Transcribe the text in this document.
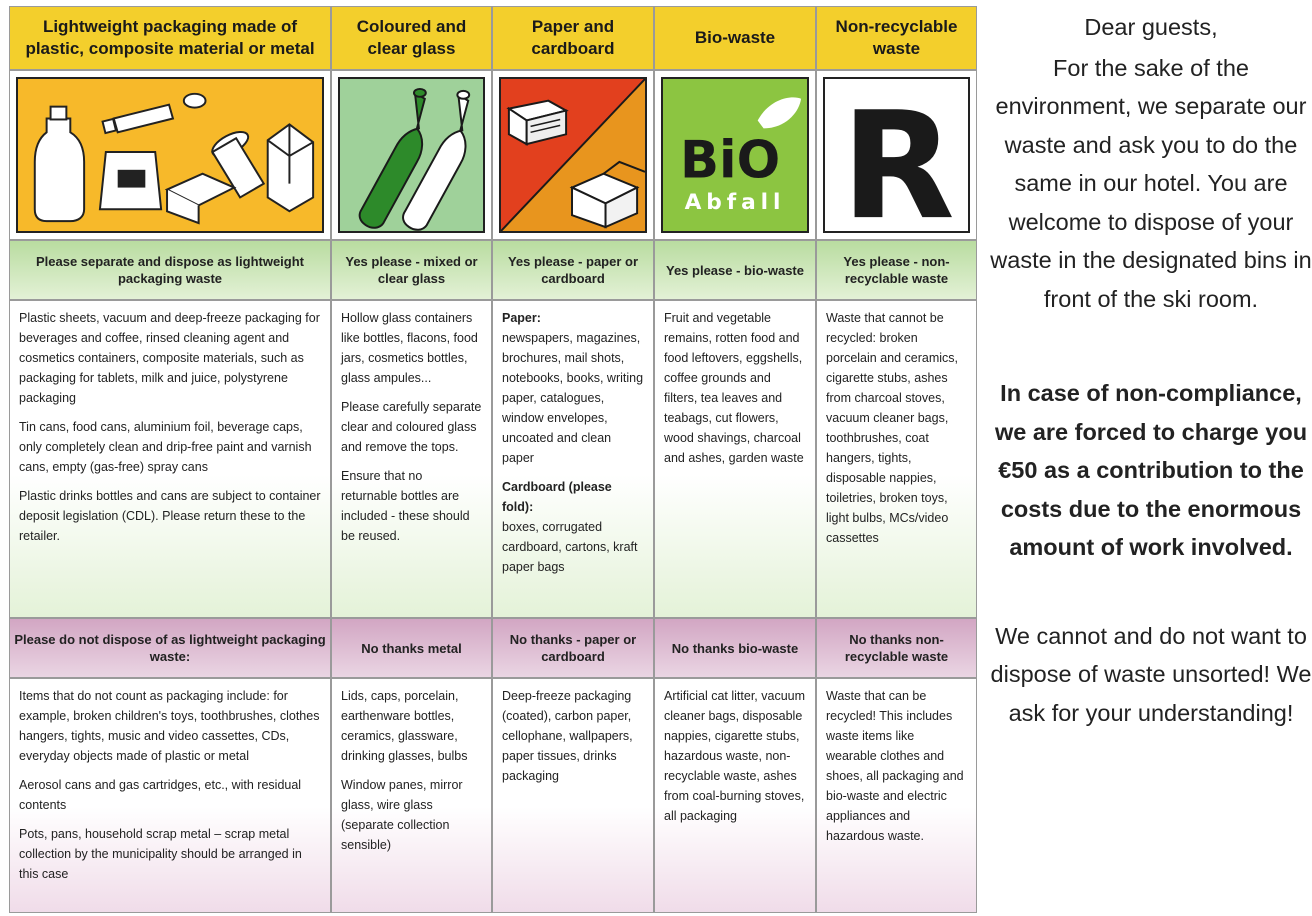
Lightweight packaging made of plastic, composite material or metal
Please separate and dispose as lightweight packaging waste
Plastic sheets, vacuum and deep-freeze packaging for beverages and coffee, rinsed cleaning agent and cosmetics containers, composite materials, such as packaging for tablets, milk and juice, polystyrene packaging
Tin cans, food cans, aluminium foil, beverage caps, only completely clean and drip-free paint and varnish cans, empty (gas-free) spray cans
Plastic drinks bottles and cans are subject to container deposit legislation (CDL). Please return these to the retailer.
Please do not dispose of as lightweight packaging waste:
Items that do not count as packaging include: for example, broken children's toys, toothbrushes, clothes hangers, tights, music and video cassettes, CDs, everyday objects made of plastic or metal
Aerosol cans and gas cartridges, etc., with residual contents
Pots, pans, household scrap metal – scrap metal collection by the municipality should be arranged in this case
Coloured and clear glass
Yes please - mixed or clear glass
Hollow glass containers like bottles, flacons, food jars, cosmetics bottles, glass ampules...
Please carefully separate clear and coloured glass and remove the tops.
Ensure that no returnable bottles are included - these should be reused.
No thanks metal
Lids, caps, porcelain, earthenware bottles, ceramics, glassware, drinking glasses, bulbs
Window panes, mirror glass, wire glass (separate collection sensible)
Paper and cardboard
Yes please - paper or cardboard
Paper:
newspapers, magazines, brochures, mail shots, notebooks, books, writing paper, catalogues, window envelopes, uncoated and clean paper
Cardboard (please fold):
boxes, corrugated cardboard, cartons, kraft paper bags
No thanks - paper or cardboard
Deep-freeze packaging (coated), carbon paper, cellophane, wallpapers, paper tissues, drinks packaging
Bio-waste
BiO
Abfall
Yes please - bio-waste
Fruit and vegetable remains, rotten food and food leftovers, eggshells, coffee grounds and filters, tea leaves and teabags, cut flowers, wood shavings, charcoal and ashes, garden waste
No thanks bio-waste
Artificial cat litter, vacuum cleaner bags, disposable nappies, cigarette stubs, hazardous waste, non-recyclable waste, ashes from coal-burning stoves, all packaging
Non-recyclable waste
R
Yes please - non-recyclable waste
Waste that cannot be recycled: broken porcelain and ceramics, cigarette stubs, ashes from charcoal stoves, vacuum cleaner bags, toothbrushes, coat hangers, tights, disposable nappies, toiletries, broken toys, light bulbs, MCs/video cassettes
No thanks non-recyclable waste
Waste that can be recycled! This includes waste items like wearable clothes and shoes, all packaging and bio-waste and electric appliances and hazardous waste.
Dear guests,
For the sake of the environment, we separate our waste and ask you to do the same in our hotel. You are welcome to dispose of your waste in the designated bins in front of the ski room.
In case of non-compliance, we are forced to charge you €50 as a contribution to the costs due to the enormous amount of work involved.
We cannot and do not want to dispose of waste unsorted! We ask for your understanding!
